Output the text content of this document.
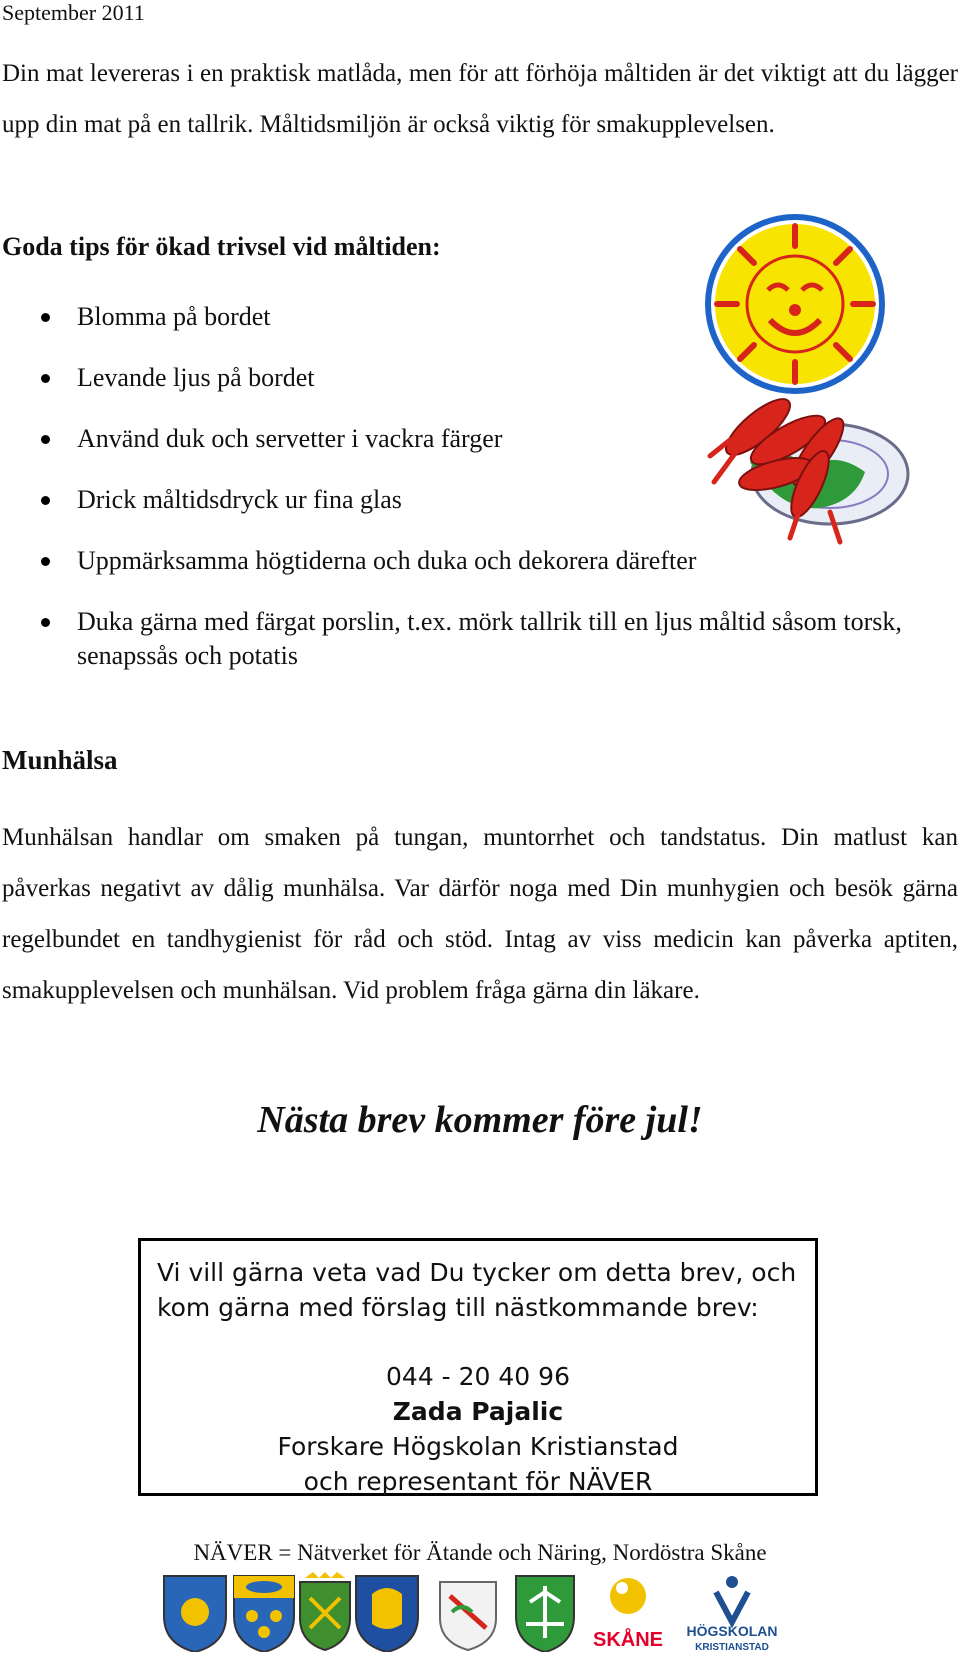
September 2011
Din mat levereras i en praktisk matlåda, men för att förhöja måltiden är det viktigt att du lägger upp din mat på en tallrik. Måltidsmiljön är också viktig för smakupplevelsen.
Goda tips för ökad trivsel vid måltiden:
Blomma på bordet
Levande ljus på bordet
Använd duk och servetter i vackra färger
Drick måltidsdryck ur fina glas
Uppmärksamma högtiderna och duka och dekorera därefter
Duka gärna med färgat porslin, t.ex. mörk tallrik till en ljus måltid såsom torsk, senapssås och potatis
Munhälsa
Munhälsan handlar om smaken på tungan, muntorrhet och tandstatus. Din matlust kan påverkas negativt av dålig munhälsa. Var därför noga med Din munhygien och besök gärna regelbundet en tandhygienist för råd och stöd. Intag av viss medicin kan påverka aptiten, smakupplevelsen och munhälsan. Vid problem fråga gärna din läkare.
Nästa brev kommer före jul!
Vi vill gärna veta vad Du tycker om detta brev, och kom gärna med förslag till nästkommande brev:
044 - 20 40 96
Zada Pajalic
Forskare Högskolan Kristianstad
och representant för NÄVER
NÄVER = Nätverket för Ätande och Näring, Nordöstra Skåne
SKÅNE HÖGSKOLAN
KRISTIANSTAD
